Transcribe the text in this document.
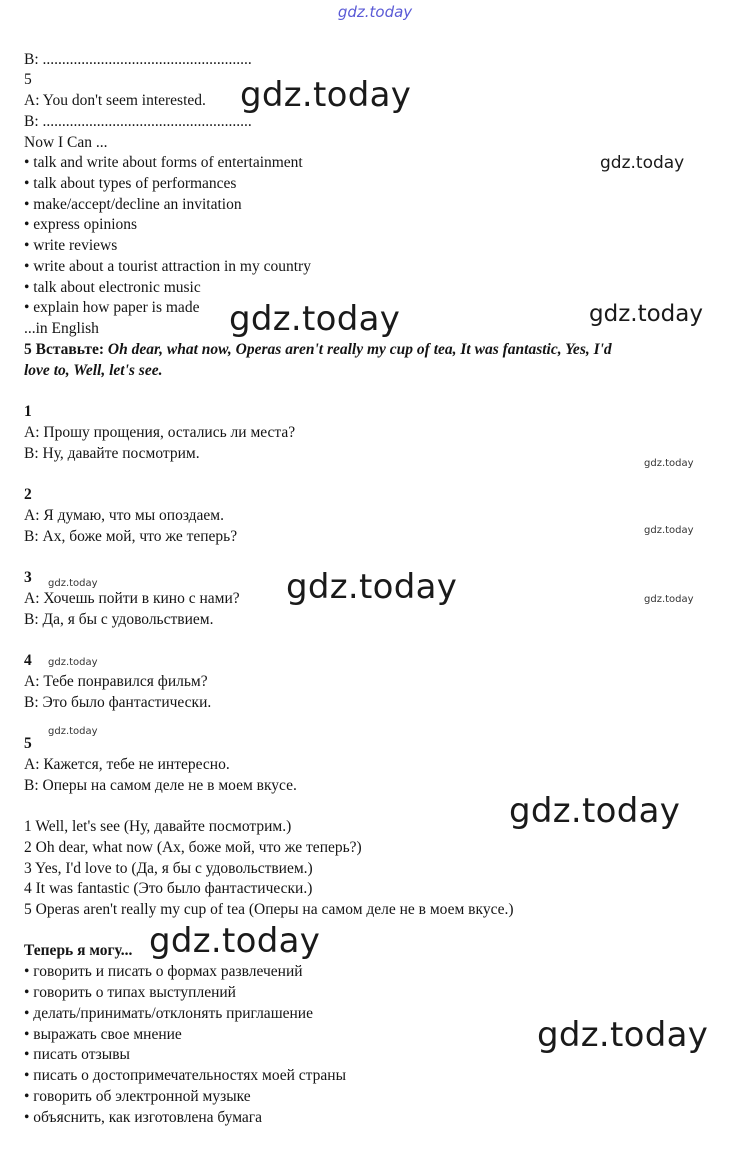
gdz.today
B: ......................................................
5
A: You don't seem interested.
B: ......................................................
Now I Can ...
• talk and write about forms of entertainment
• talk about types of performances
• make/accept/decline an invitation
• express opinions
• write reviews
• write about a tourist attraction in my country
• talk about electronic music
• explain how paper is made
...in English
5 Вставьте: Oh dear, what now, Operas aren't really my cup of tea, It was fantastic, Yes, I'd
love to, Well, let's see.
1
A: Прошу прощения, остались ли места?
B: Ну, давайте посмотрим.
2
A: Я думаю, что мы опоздаем.
B: Ах, боже мой, что же теперь?
3
A: Хочешь пойти в кино с нами?
B: Да, я бы с удовольствием.
4
A: Тебе понравился фильм?
B: Это было фантастически.
5
A: Кажется, тебе не интересно.
B: Оперы на самом деле не в моем вкусе.
1 Well, let's see (Ну, давайте посмотрим.)
2 Oh dear, what now (Ах, боже мой, что же теперь?)
3 Yes, I'd love to (Да, я бы с удовольствием.)
4 It was fantastic (Это было фантастически.)
5 Operas aren't really my cup of tea (Оперы на самом деле не в моем вкусе.)
Теперь я могу...
• говорить и писать о формах развлечений
• говорить о типах выступлений
• делать/принимать/отклонять приглашение
• выражать свое мнение
• писать отзывы
• писать о достопримечательностях моей страны
• говорить об электронной музыке
• объяснить, как изготовлена бумага
gdz.today
gdz.today
gdz.today	gdz.today
gdz.today
gdz.today
gdz.today	gdz.today	gdz.today
gdz.today
gdz.today
gdz.today
gdz.today
gdz.today
